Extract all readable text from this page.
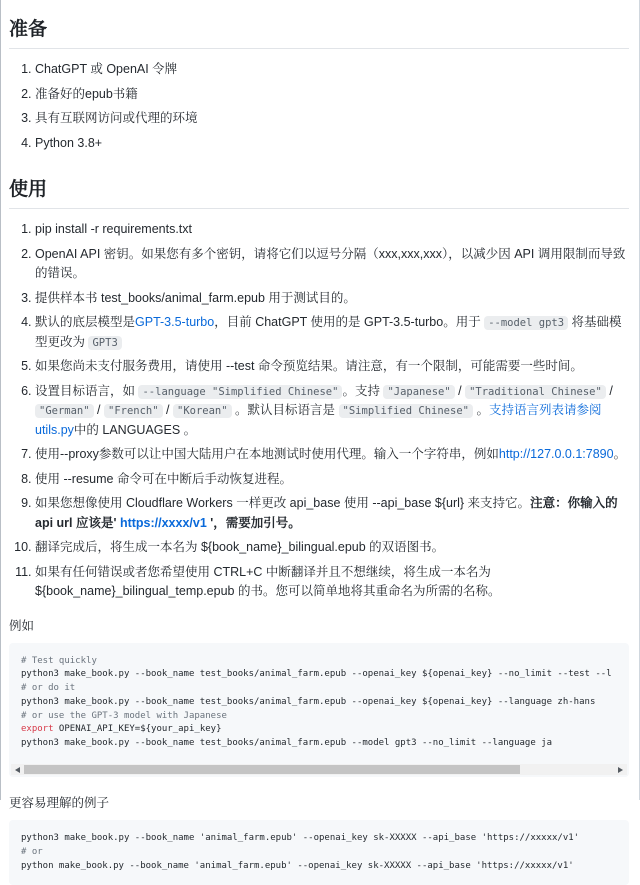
准备
1. ChatGPT 或 OpenAI 令牌
2. 准备好的epub书籍
3. 具有互联网访问或代理的环境
4. Python 3.8+
使用
1. pip install -r requirements.txt
2. OpenAI API 密钥。如果您有多个密钥，请将它们以逗号分隔（xxx,xxx,xxx），以减少因 API 调用限制而导致的错误。
3. 提供样本书 test_books/animal_farm.epub 用于测试目的。
4. 默认的底层模型是GPT-3.5-turbo，目前 ChatGPT 使用的是 GPT-3.5-turbo。用于 --model gpt3 将基础模型更改为 GPT3
5. 如果您尚未支付服务费用，请使用 --test 命令预览结果。请注意，有一个限制，可能需要一些时间。
6. 设置目标语言，如 --language "Simplified Chinese" 。支持 "Japanese" / "Traditional Chinese" / "German" / "French" / "Korean" 。默认目标语言是 "Simplified Chinese" 。支持语言列表请参阅utils.py中的 LANGUAGES 。
7. 使用--proxy参数可以让中国大陆用户在本地测试时使用代理。输入一个字符串，例如http://127.0.0.1:7890。
8. 使用 --resume 命令可在中断后手动恢复进程。
9. 如果您想像使用 Cloudflare Workers 一样更改 api_base 使用 --api_base ${url} 来支持它。注意：你输入的api url 应该是' https://xxxx/v1 '，需要加引号。
10. 翻译完成后，将生成一本名为 ${book_name}_bilingual.epub 的双语图书。
11. 如果有任何错误或者您希望使用 CTRL+C 中断翻译并且不想继续，将生成一本名为 ${book_name}_bilingual_temp.epub 的书。您可以简单地将其重命名为所需的名称。

例如

# Test quickly
python3 make_book.py --book_name test_books/animal_farm.epub --openai_key ${openai_key} --no_limit --test --l
# or do it
python3 make_book.py --book_name test_books/animal_farm.epub --openai_key ${openai_key} --language zh-hans
# or use the GPT-3 model with Japanese
export OPENAI_API_KEY=${your_api_key}
python3 make_book.py --book_name test_books/animal_farm.epub --model gpt3 --no_limit --language ja

更容易理解的例子

python3 make_book.py --book_name 'animal_farm.epub' --openai_key sk-XXXXX --api_base 'https://xxxxx/v1'
# or
python make_book.py --book_name 'animal_farm.epub' --openai_key sk-XXXXX --api_base 'https://xxxxx/v1'
